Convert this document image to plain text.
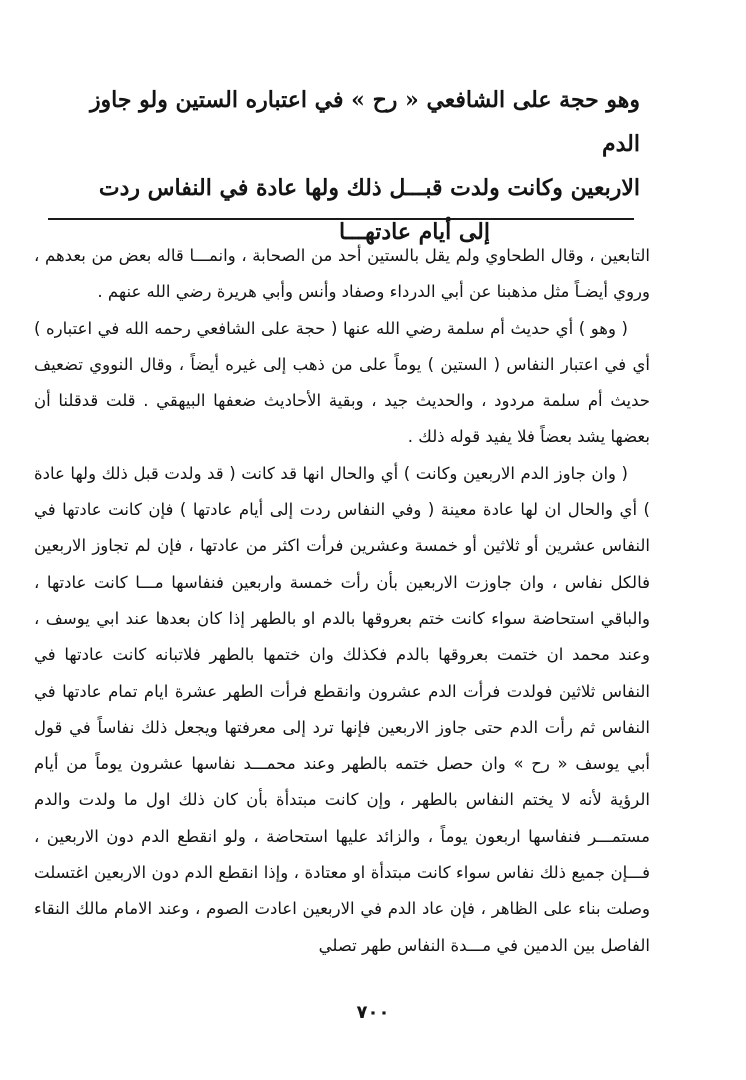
وهو حجة على الشافعي « رح » في اعتباره الستين ولو جاوز الدم

الاربعين وكانت ولدت قبـــل ذلك ولها عادة في النفاس ردت

إلى أيام عادتهـــا

التابعين ، وقال الطحاوي ولم يقل بالستين أحد من الصحابة ، وانمـــا قاله بعض من بعدهم ، وروي أيضـاً مثل مذهبنا عن أبي الدرداء وصفاد وأنس وأبي هريرة رضي الله عنهم .

( وهو ) أي حديث أم سلمة رضي الله عنها ( حجة على الشافعي رحمه الله في اعتباره ) أي في اعتبار النفاس ( الستين ) يوماً على من ذهب إلى غيره أيضاً ، وقال النووي تضعيف حديث أم سلمة مردود ، والحديث جيد ، وبقية الأحاديث ضعفها البيهقي . قلت قدقلنا أن بعضها يشد بعضاً فلا يفيد قوله ذلك .

( وان جاوز الدم الاربعين وكانت ) أي والحال انها قد كانت ( قد ولدت قبل ذلك ولها عادة ) أي والحال ان لها عادة معينة ( وفي النفاس ردت إلى أيام عادتها ) فإن كانت عادتها في النفاس عشرين أو ثلاثين أو خمسة وعشرين فرأت اكثر من عادتها ، فإن لم تجاوز الاربعين فالكل نفاس ، وان جاوزت الاربعين بأن رأت خمسة واربعين فنفاسها مـــا كانت عادتها ، والباقي استحاضة سواء كانت ختم بعروقها بالدم او بالطهر إذا كان بعدها عند ابي يوسف ، وعند محمد ان ختمت بعروقها بالدم فكذلك وان ختمها بالطهر فلاتبانه كانت عادتها في النفاس ثلاثين فولدت فرأت الدم عشرون وانقطع فرأت الطهر عشرة ايام تمام عادتها في النفاس ثم رأت الدم حتى جاوز الاربعين فإنها ترد إلى معرفتها ويجعل ذلك نفاساً في قول أبي يوسف « رح » وان حصل ختمه بالطهر وعند محمـــد نفاسها عشرون يوماً من أيام الرؤية لأنه لا يختم النفاس بالطهر ، وإن كانت مبتدأة بأن كان ذلك اول ما ولدت والدم مستمـــر فنفاسها اربعون يوماً ، والزائد عليها استحاضة ، ولو انقطع الدم دون الاربعين ، فـــإن جميع ذلك نفاس سواء كانت مبتدأة او معتادة ، وإذا انقطع الدم دون الاربعين اغتسلت وصلت بناء على الظاهر ، فإن عاد الدم في الاربعين اعادت الصوم ، وعند الامام مالك النقاء الفاصل بين الدمين في مـــدة النفاس طهر تصلي

٧٠٠
